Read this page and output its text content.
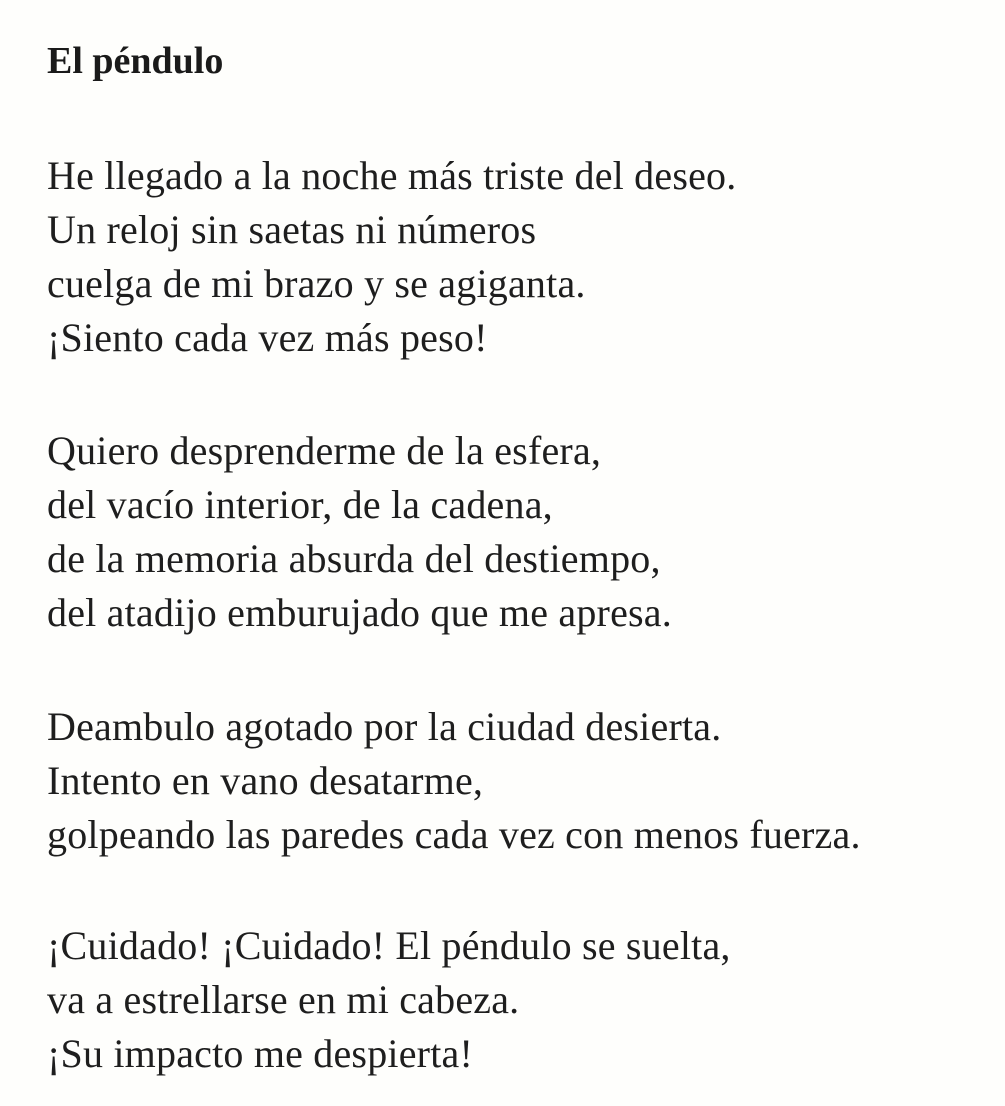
El péndulo
He llegado a la noche más triste del deseo.
Un reloj sin saetas ni números
cuelga de mi brazo y se agiganta.
¡Siento cada vez más peso!
Quiero desprenderme de la esfera,
del vacío interior, de la cadena,
de la memoria absurda del destiempo,
del atadijo emburujado que me apresa.
Deambulo agotado por la ciudad desierta.
Intento en vano desatarme,
golpeando las paredes cada vez con menos fuerza.
¡Cuidado! ¡Cuidado! El péndulo se suelta,
va a estrellarse en mi cabeza.
¡Su impacto me despierta!
